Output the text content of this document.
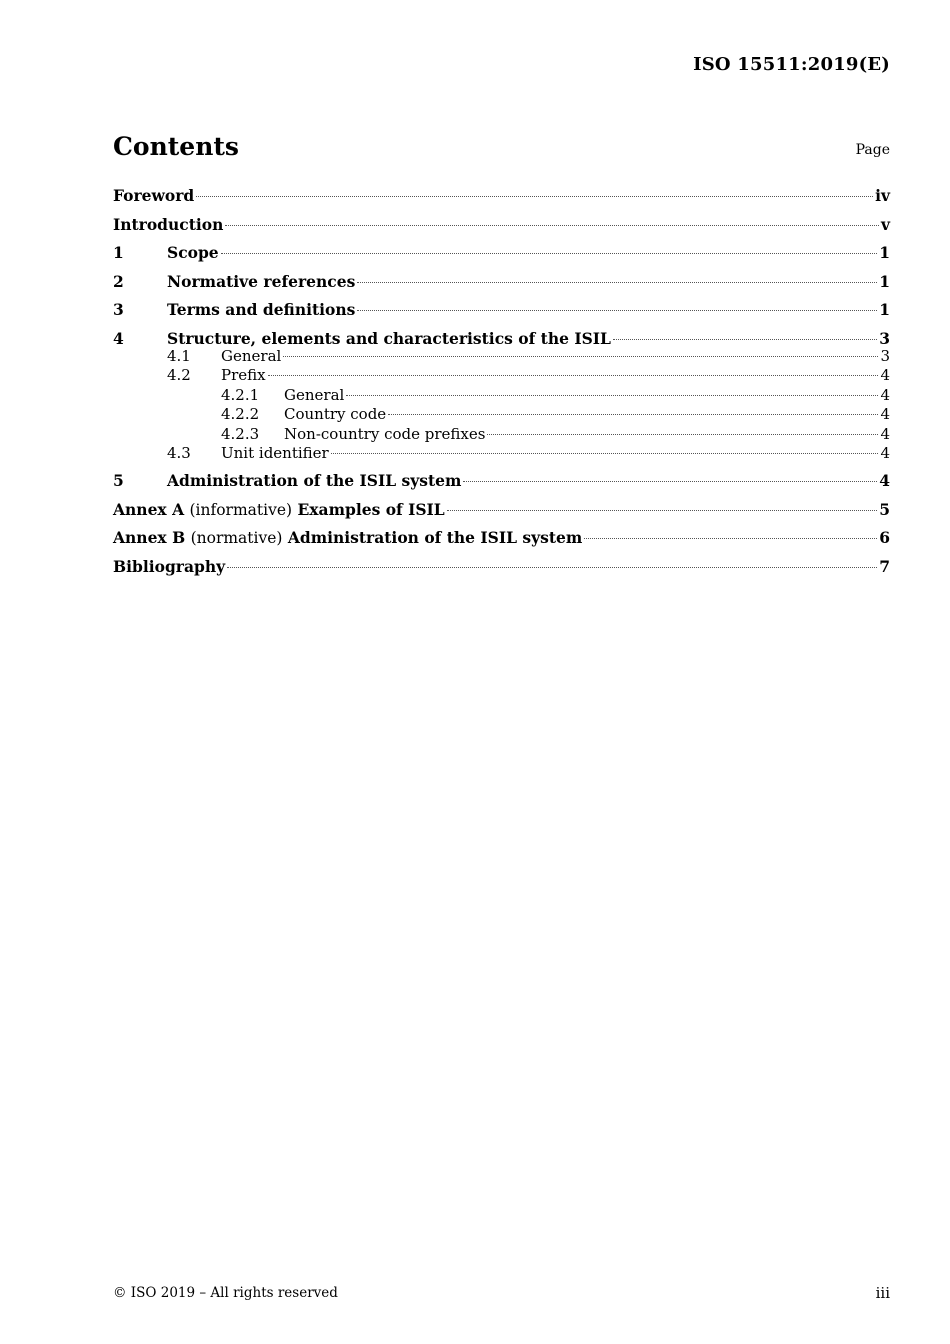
ISO 15511:2019(E)
Contents	Page
Foreword	iv
Introduction	v
1	Scope	1
2	Normative references	1
3	Terms and definitions	1
4	Structure, elements and characteristics of the ISIL	3
4.1	General	3
4.2	Prefix	4
4.2.1	General	4
4.2.2	Country code	4
4.2.3	Non-country code prefixes	4
4.3	Unit identifier	4
5	Administration of the ISIL system	4
Annex A (informative) Examples of ISIL	5
Annex B (normative) Administration of the ISIL system	6
Bibliography	7
© ISO 2019 – All rights reserved	iii
